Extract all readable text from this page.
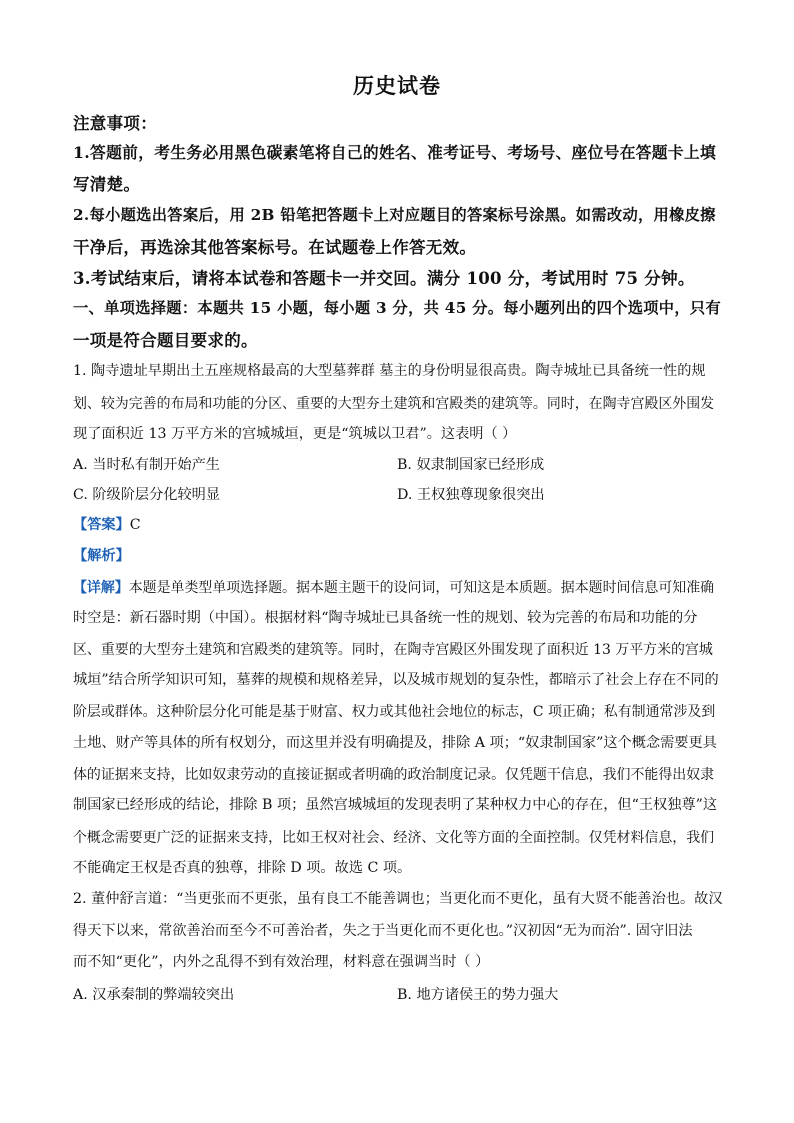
历史试卷
注意事项：
1.答题前，考生务必用黑色碳素笔将自己的姓名、准考证号、考场号、座位号在答题卡上填
写清楚。
2.每小题选出答案后，用 2B 铅笔把答题卡上对应题目的答案标号涂黑。如需改动，用橡皮擦
干净后，再选涂其他答案标号。在试题卷上作答无效。
3.考试结束后，请将本试卷和答题卡一并交回。满分 100 分，考试用时 75 分钟。
一、单项选择题：本题共 15 小题，每小题 3 分，共 45 分。每小题列出的四个选项中，只有
一项是符合题目要求的。
1. 陶寺遗址早期出土五座规格最高的大型墓葬群 墓主的身份明显很高贵。陶寺城址已具备统一性的规
划、较为完善的布局和功能的分区、重要的大型夯土建筑和宫殿类的建筑等。同时，在陶寺宫殿区外围发
现了面积近 13 万平方米的宫城城垣，更是“筑城以卫君”。这表明（ ）
A. 当时私有制开始产生	B. 奴隶制国家已经形成
C. 阶级阶层分化较明显	D. 王权独尊现象很突出
【答案】C
【解析】
【详解】本题是单类型单项选择题。据本题主题干的设问词，可知这是本质题。据本题时间信息可知准确
时空是：新石器时期（中国）。根据材料“陶寺城址已具备统一性的规划、较为完善的布局和功能的分
区、重要的大型夯土建筑和宫殿类的建筑等。同时，在陶寺宫殿区外围发现了面积近 13 万平方米的宫城
城垣”结合所学知识可知，墓葬的规模和规格差异，以及城市规划的复杂性，都暗示了社会上存在不同的
阶层或群体。这种阶层分化可能是基于财富、权力或其他社会地位的标志，C 项正确；私有制通常涉及到
土地、财产等具体的所有权划分，而这里并没有明确提及，排除 A 项；“奴隶制国家”这个概念需要更具
体的证据来支持，比如奴隶劳动的直接证据或者明确的政治制度记录。仅凭题干信息，我们不能得出奴隶
制国家已经形成的结论，排除 B 项；虽然宫城城垣的发现表明了某种权力中心的存在，但“王权独尊”这
个概念需要更广泛的证据来支持，比如王权对社会、经济、文化等方面的全面控制。仅凭材料信息，我们
不能确定王权是否真的独尊，排除 D 项。故选 C 项。
2. 董仲舒言道：“当更张而不更张，虽有良工不能善调也；当更化而不更化，虽有大贤不能善治也。故汉
得天下以来，常欲善治而至今不可善治者，失之于当更化而不更化也。”汉初因“无为而治”. 固守旧法
而不知“更化”，内外之乱得不到有效治理，材料意在强调当时（ ）
A. 汉承秦制的弊端较突出	B. 地方诸侯王的势力强大
